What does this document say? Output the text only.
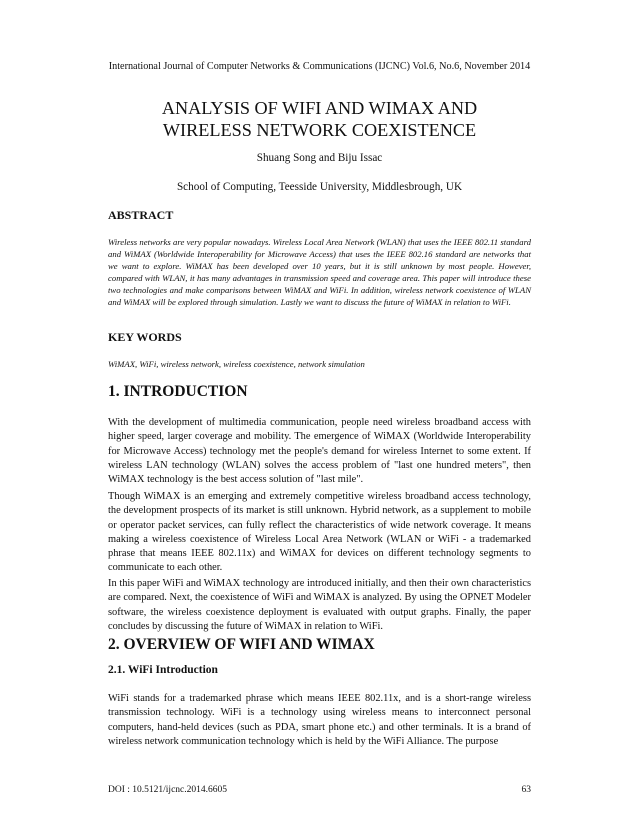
International Journal of Computer Networks & Communications (IJCNC) Vol.6, No.6, November 2014
ANALYSIS OF WIFI AND WIMAX AND
WIRELESS NETWORK COEXISTENCE
Shuang Song and Biju Issac
School of Computing, Teesside University, Middlesbrough, UK
ABSTRACT

Wireless networks are very popular nowadays. Wireless Local Area Network (WLAN) that uses the IEEE 802.11 standard and WiMAX (Worldwide Interoperability for Microwave Access) that uses the IEEE 802.16 standard are networks that we want to explore. WiMAX has been developed over 10 years, but it is still unknown by most people. However, compared with WLAN, it has many advantages in transmission speed and coverage area. This paper will introduce these two technologies and make comparisons between WiMAX and WiFi. In addition, wireless network coexistence of WLAN and WiMAX will be explored through simulation. Lastly we want to discuss the future of WiMAX in relation to WiFi.

KEY WORDS

WiMAX, WiFi, wireless network, wireless coexistence, network simulation

1. INTRODUCTION

With the development of multimedia communication, people need wireless broadband access with higher speed, larger coverage and mobility. The emergence of WiMAX (Worldwide Interoperability for Microwave Access) technology met the people's demand for wireless Internet to some extent. If wireless LAN technology (WLAN) solves the access problem of "last one hundred meters", then WiMAX technology is the best access solution of "last mile".

Though WiMAX is an emerging and extremely competitive wireless broadband access technology, the development prospects of its market is still unknown. Hybrid network, as a supplement to mobile or operator packet services, can fully reflect the characteristics of wide network coverage. It means making a wireless coexistence of Wireless Local Area Network (WLAN or WiFi - a trademarked phrase that means IEEE 802.11x) and WiMAX for devices on different technology segments to communicate to each other.

In this paper WiFi and WiMAX technology are introduced initially, and then their own characteristics are compared. Next, the coexistence of WiFi and WiMAX is analyzed. By using the OPNET Modeler software, the wireless coexistence deployment is evaluated with output graphs. Finally, the paper concludes by discussing the future of WiMAX in relation to WiFi.

2. OVERVIEW OF WIFI AND WIMAX
2.1. WiFi Introduction

WiFi stands for a trademarked phrase which means IEEE 802.11x, and is a short-range wireless transmission technology. WiFi is a technology using wireless means to interconnect personal computers, hand-held devices (such as PDA, smart phone etc.) and other terminals. It is a brand of wireless network communication technology which is held by the WiFi Alliance. The purpose

DOI : 10.5121/ijcnc.2014.6605	63
